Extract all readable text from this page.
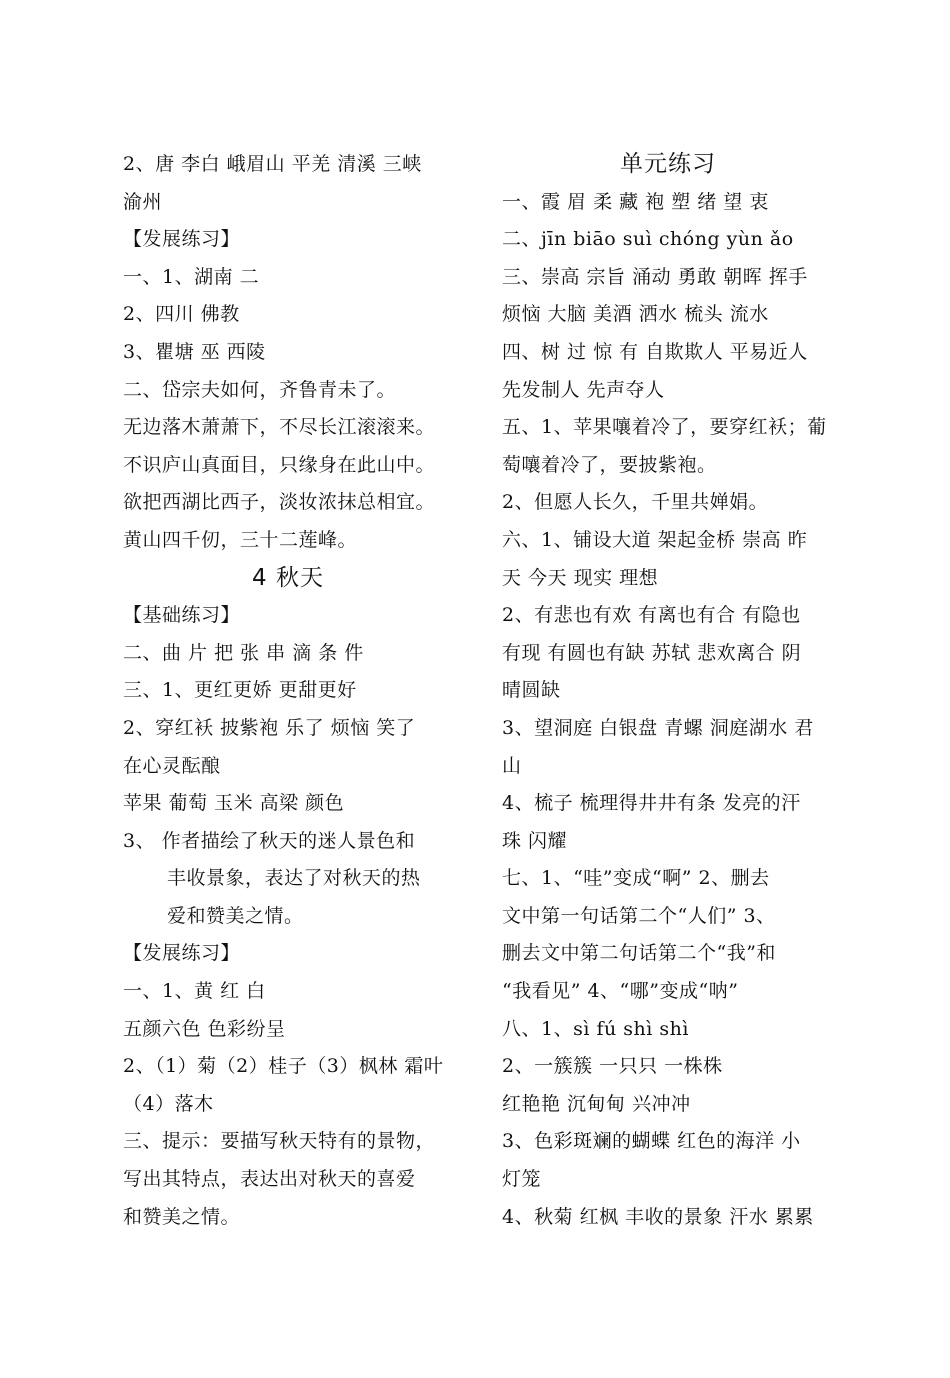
2、唐 李白 峨眉山 平羌 清溪 三峡
渝州
【发展练习】
一、1、湖南 二
2、四川 佛教
3、瞿塘 巫 西陵
二、岱宗夫如何，齐鲁青未了。
无边落木萧萧下，不尽长江滚滚来。
不识庐山真面目，只缘身在此山中。
欲把西湖比西子，淡妆浓抹总相宜。
黄山四千仞，三十二莲峰。
4 秋天
【基础练习】
二、曲 片 把 张 串 滴 条 件
三、1、更红更娇 更甜更好
2、穿红袄 披紫袍 乐了 烦恼 笑了
在心灵酝酿
苹果 葡萄 玉米 高梁 颜色
3、 作者描绘了秋天的迷人景色和
丰收景象，表达了对秋天的热
爱和赞美之情。
【发展练习】
一、1、黄 红 白
五颜六色 色彩纷呈
2、（1）菊（2）桂子（3）枫林 霜叶
（4）落木
三、提示：要描写秋天特有的景物，
写出其特点，表达出对秋天的喜爱
和赞美之情。
单元练习
一、霞 眉 柔 藏 袍 塑 绪 望 衷
二、jīn biāo suì chóng yùn ǎo
三、崇高 宗旨 涌动 勇敢 朝晖 挥手
烦恼 大脑 美酒 洒水 梳头 流水
四、树 过 惊 有 自欺欺人 平易近人
先发制人 先声夺人
五、1、苹果嚷着冷了，要穿红袄；葡
萄嚷着冷了，要披紫袍。
2、但愿人长久，千里共婵娟。
六、1、铺设大道 架起金桥 崇高 昨
天 今天 现实 理想
2、有悲也有欢 有离也有合 有隐也
有现 有圆也有缺 苏轼 悲欢离合 阴
晴圆缺
3、望洞庭 白银盘 青螺 洞庭湖水 君
山
4、梳子 梳理得井井有条 发亮的汗
珠 闪耀
七、1、“哇”变成“啊” 2、删去
文中第一句话第二个“人们” 3、
删去文中第二句话第二个“我”和
“我看见” 4、“哪”变成“呐”
八、1、sì fú shì shì
2、一簇簇 一只只 一株株
红艳艳 沉甸甸 兴冲冲
3、色彩斑斓的蝴蝶 红色的海洋 小
灯笼
4、秋菊 红枫 丰收的景象 汗水 累累
